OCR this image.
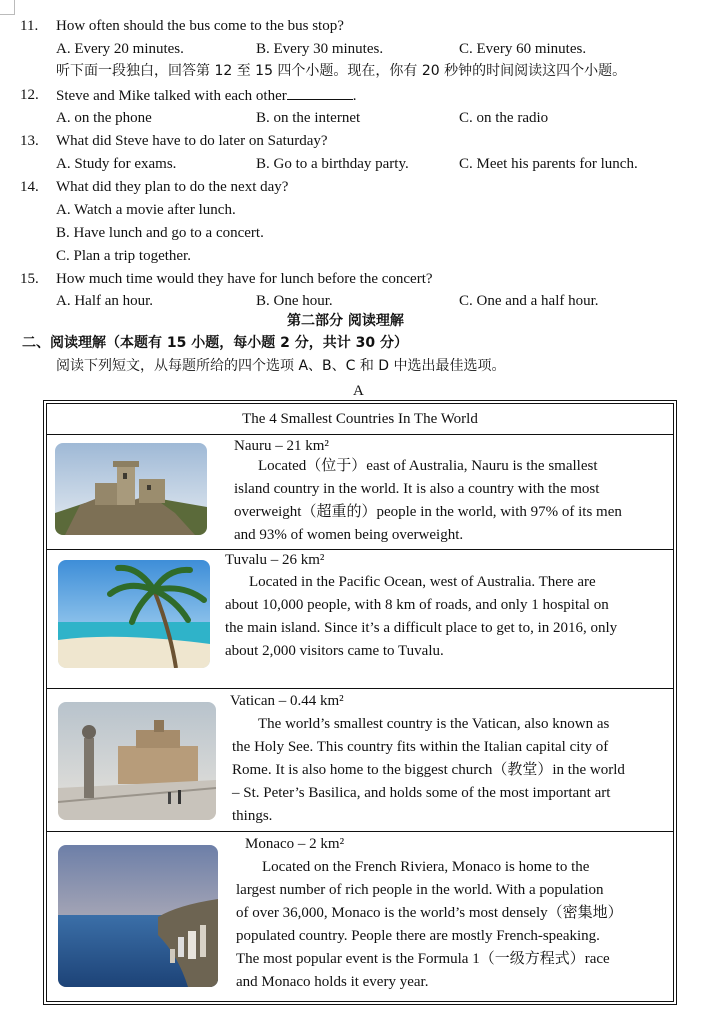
11. How often should the bus come to the bus stop?
A. Every 20 minutes.	B. Every 30 minutes.	C. Every 60 minutes.
听下面一段独白，回答第 12 至 15 四个小题。现在，你有 20 秒钟的时间阅读这四个小题。
12. Steve and Mike talked with each other	.
A. on the phone	B. on the internet	C. on the radio
13. What did Steve have to do later on Saturday?
A. Study for exams.	B. Go to a birthday party.	C. Meet his parents for lunch.
14. What did they plan to do the next day?
A. Watch a movie after lunch.
B. Have lunch and go to a concert.
C. Plan a trip together.
15. How much time would they have for lunch before the concert?
A. Half an hour.	B. One hour.	C. One and a half hour.
第二部分 阅读理解
二、阅读理解（本题有 15 小题，每小题 2 分，共计 30 分）
阅读下列短文，从每题所给的四个选项 A、B、C 和 D 中选出最佳选项。
A
The 4 Smallest Countries In The World
Nauru – 21 km²
Located（位于）east of Australia, Nauru is the smallest
island country in the world. It is also a country with the most
overweight（超重的）people in the world, with 97% of its men
and 93% of women being overweight.
Tuvalu – 26 km²
Located in the Pacific Ocean, west of Australia. There are
about 10,000 people, with 8 km of roads, and only 1 hospital on
the main island. Since it’s a difficult place to get to, in 2016, only
about 2,000 visitors came to Tuvalu.
Vatican – 0.44 km²
The world’s smallest country is the Vatican, also known as
the Holy See. This country fits within the Italian capital city of
Rome. It is also home to the biggest church（教堂）in the world
– St. Peter’s Basilica, and holds some of the most important art
things.
Monaco – 2 km²
Located on the French Riviera, Monaco is home to the
largest number of rich people in the world. With a population
of over 36,000, Monaco is the world’s most densely（密集地）
populated country. People there are mostly French-speaking.
The most popular event is the Formula 1（一级方程式）race
and Monaco holds it every year.
